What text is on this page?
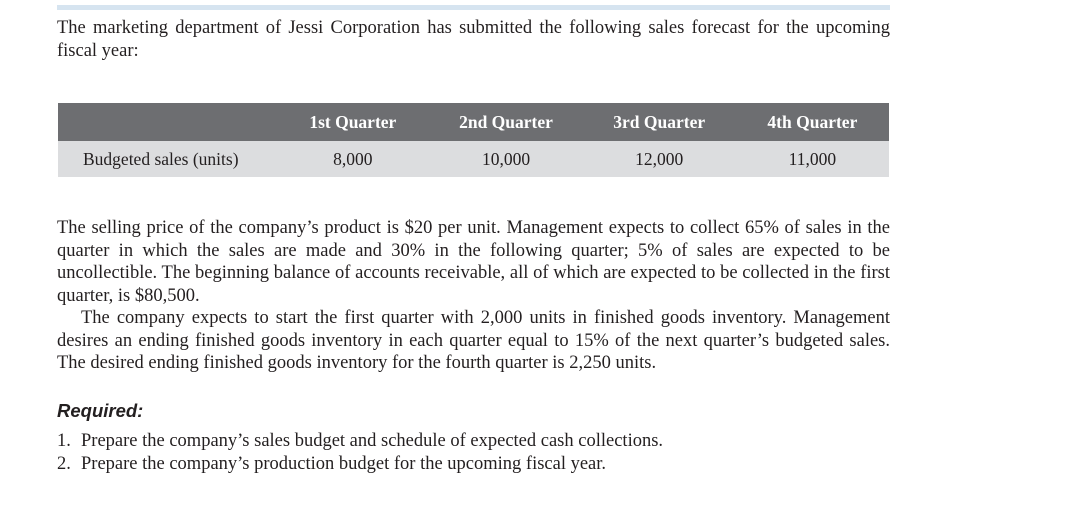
The marketing department of Jessi Corporation has submitted the following sales forecast for the upcoming fiscal year:

	1st Quarter	2nd Quarter	3rd Quarter	4th Quarter
Budgeted sales (units)	8,000	10,000	12,000	11,000

The selling price of the company’s product is $20 per unit. Management expects to collect 65% of sales in the quarter in which the sales are made and 30% in the following quarter; 5% of sales are expected to be uncollectible. The beginning balance of accounts receivable, all of which are expected to be collected in the first quarter, is $80,500.

The company expects to start the first quarter with 2,000 units in finished goods inventory. Management desires an ending finished goods inventory in each quarter equal to 15% of the next quarter’s budgeted sales. The desired ending finished goods inventory for the fourth quarter is 2,250 units.

Required:
1. Prepare the company’s sales budget and schedule of expected cash collections.
2. Prepare the company’s production budget for the upcoming fiscal year.
